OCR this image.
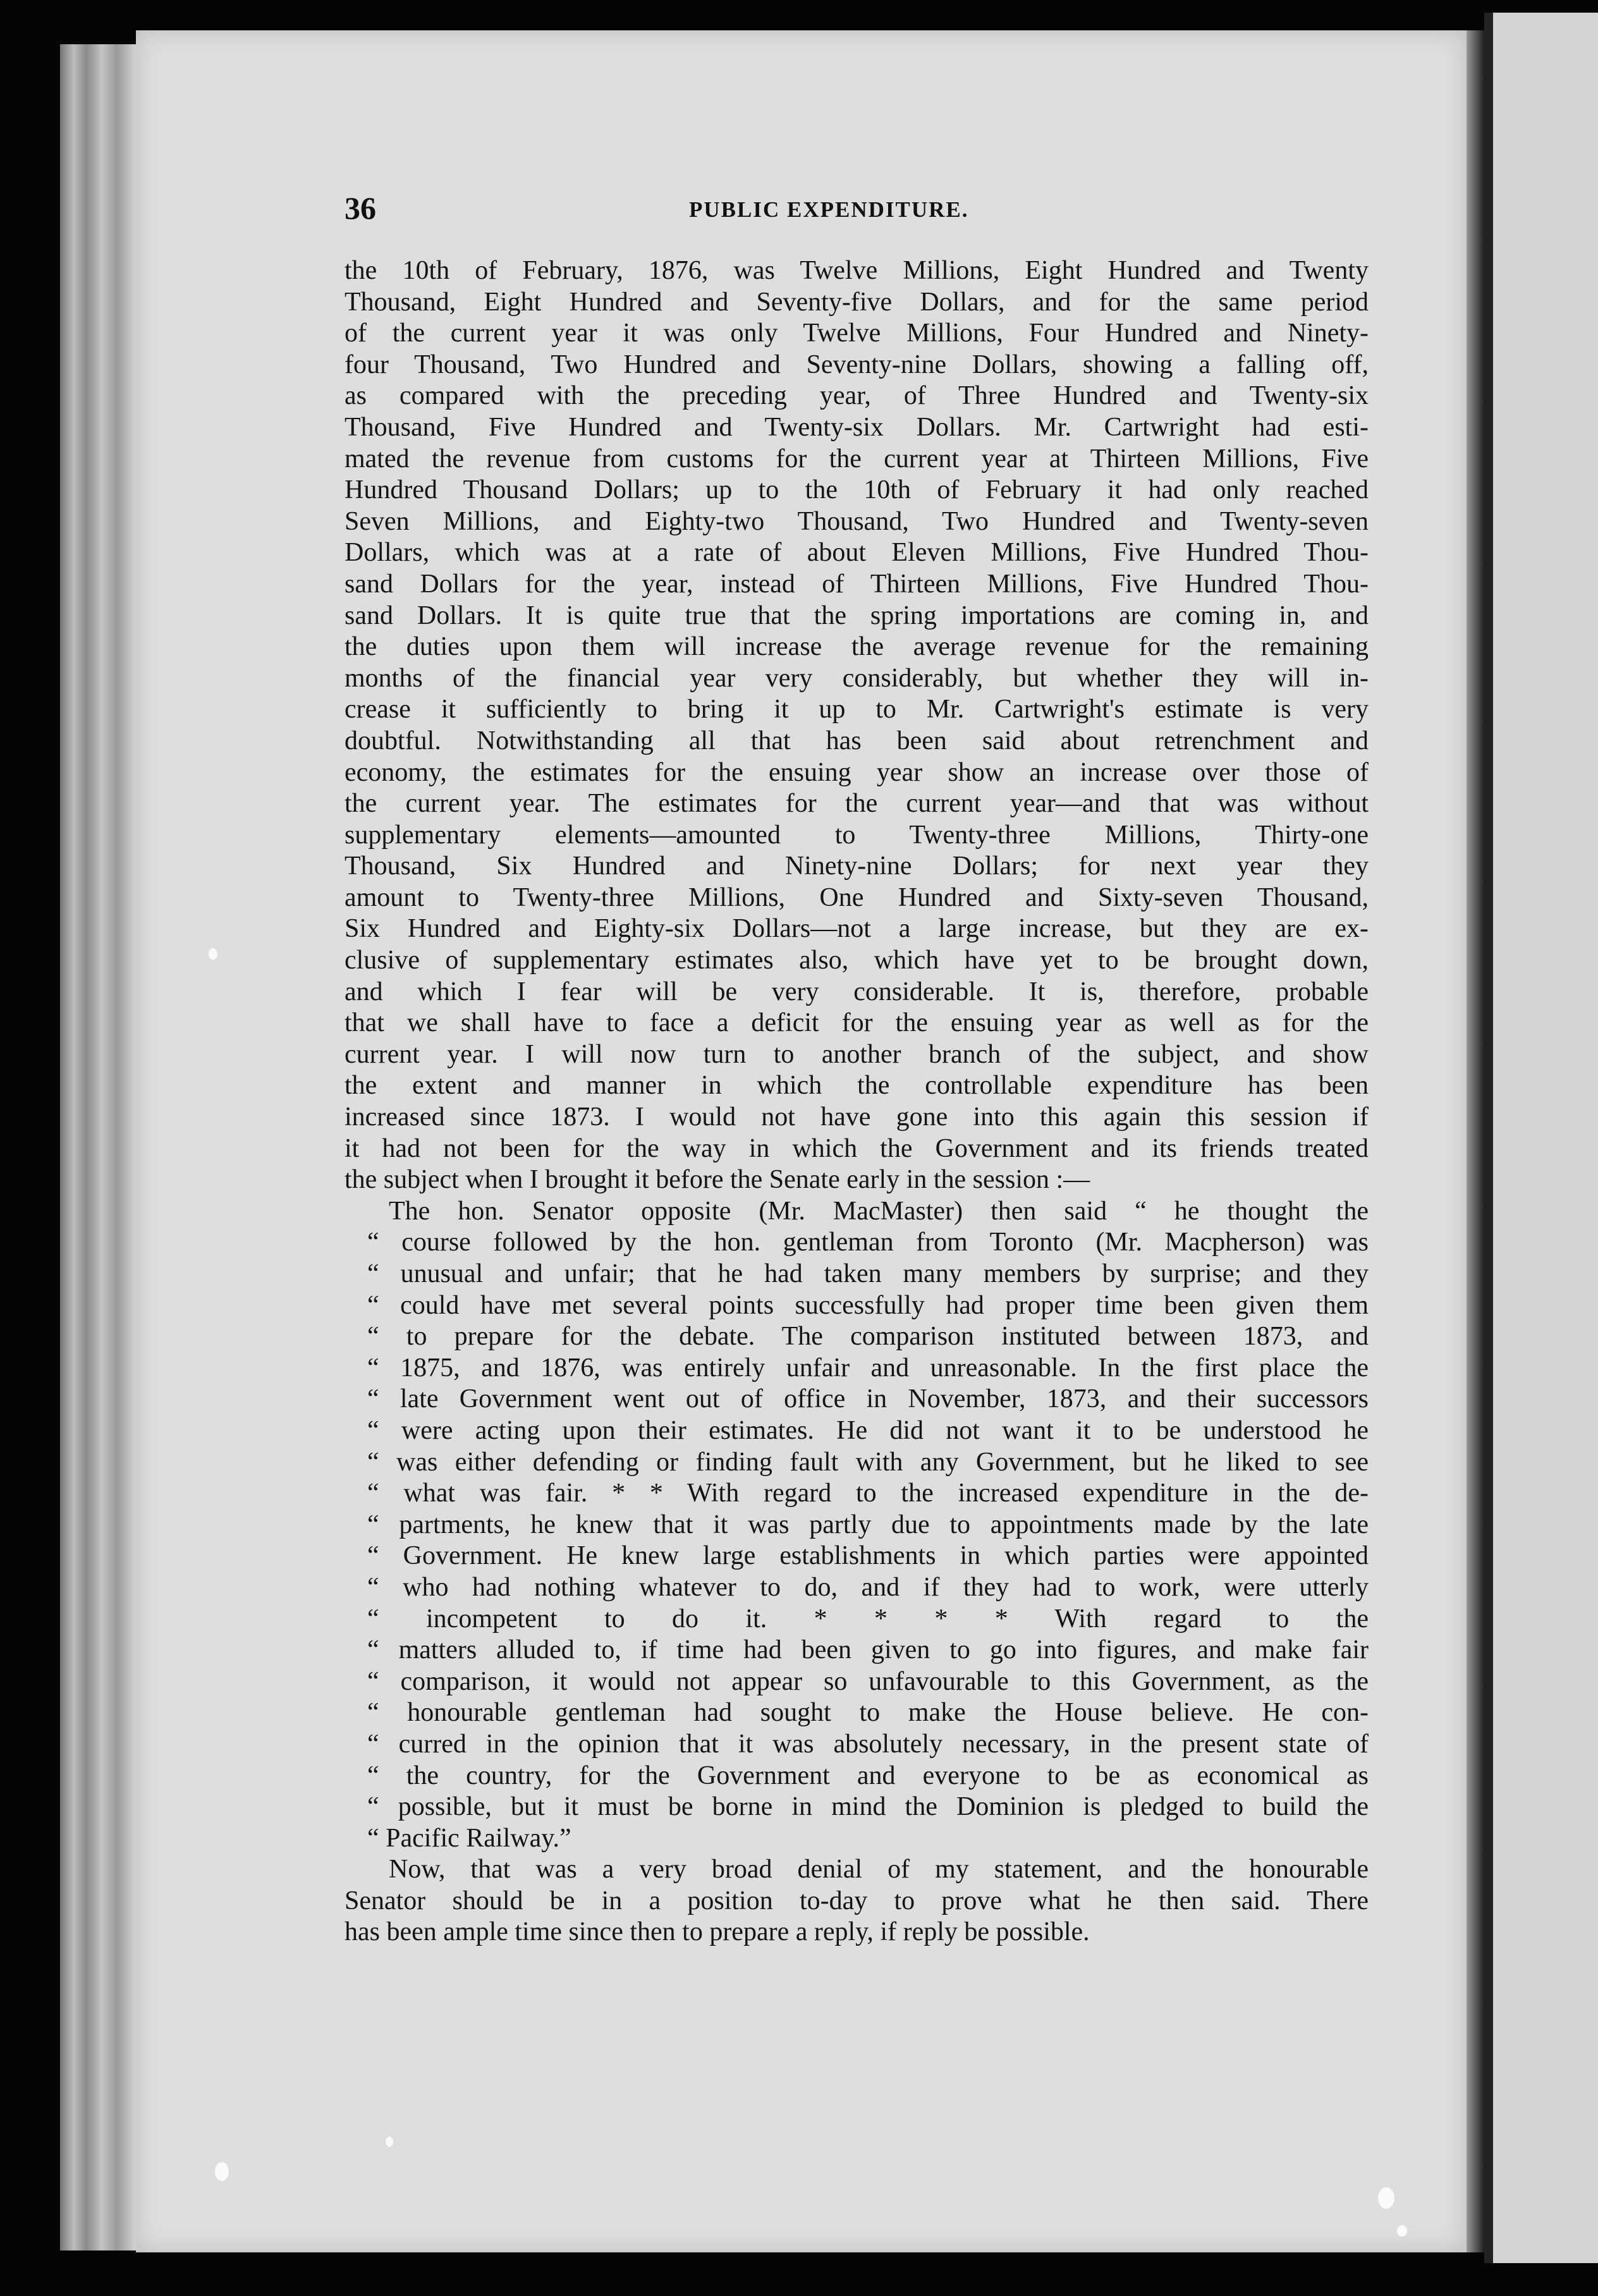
36	PUBLIC EXPENDITURE.
the 10th of February, 1876, was Twelve Millions, Eight Hundred and Twenty
Thousand, Eight Hundred and Seventy-five Dollars, and for the same period
of the current year it was only Twelve Millions, Four Hundred and Ninety-
four Thousand, Two Hundred and Seventy-nine Dollars, showing a falling off,
as compared with the preceding year, of Three Hundred and Twenty-six
Thousand, Five Hundred and Twenty-six Dollars. Mr. Cartwright had esti-
mated the revenue from customs for the current year at Thirteen Millions, Five
Hundred Thousand Dollars; up to the 10th of February it had only reached
Seven Millions, and Eighty-two Thousand, Two Hundred and Twenty-seven
Dollars, which was at a rate of about Eleven Millions, Five Hundred Thou-
sand Dollars for the year, instead of Thirteen Millions, Five Hundred Thou-
sand Dollars. It is quite true that the spring importations are coming in, and
the duties upon them will increase the average revenue for the remaining
months of the financial year very considerably, but whether they will in-
crease it sufficiently to bring it up to Mr. Cartwright's estimate is very
doubtful. Notwithstanding all that has been said about retrenchment and
economy, the estimates for the ensuing year show an increase over those of
the current year. The estimates for the current year—and that was without
supplementary elements—amounted to Twenty-three Millions, Thirty-one
Thousand, Six Hundred and Ninety-nine Dollars; for next year they
amount to Twenty-three Millions, One Hundred and Sixty-seven Thousand,
Six Hundred and Eighty-six Dollars—not a large increase, but they are ex-
clusive of supplementary estimates also, which have yet to be brought down,
and which I fear will be very considerable. It is, therefore, probable
that we shall have to face a deficit for the ensuing year as well as for the
current year. I will now turn to another branch of the subject, and show
the extent and manner in which the controllable expenditure has been
increased since 1873. I would not have gone into this again this session if
it had not been for the way in which the Government and its friends treated
the subject when I brought it before the Senate early in the session :—
The hon. Senator opposite (Mr. MacMaster) then said “ he thought the
“ course followed by the hon. gentleman from Toronto (Mr. Macpherson) was
“ unusual and unfair; that he had taken many members by surprise; and they
“ could have met several points successfully had proper time been given them
“ to prepare for the debate. The comparison instituted between 1873, and
“ 1875, and 1876, was entirely unfair and unreasonable. In the first place the
“ late Government went out of office in November, 1873, and their successors
“ were acting upon their estimates. He did not want it to be understood he
“ was either defending or finding fault with any Government, but he liked to see
“ what was fair. * * With regard to the increased expenditure in the de-
“ partments, he knew that it was partly due to appointments made by the late
“ Government. He knew large establishments in which parties were appointed
“ who had nothing whatever to do, and if they had to work, were utterly
“ incompetent to do it. * * * * With regard to the
“ matters alluded to, if time had been given to go into figures, and make fair
“ comparison, it would not appear so unfavourable to this Government, as the
“ honourable gentleman had sought to make the House believe. He con-
“ curred in the opinion that it was absolutely necessary, in the present state of
“ the country, for the Government and everyone to be as economical as
“ possible, but it must be borne in mind the Dominion is pledged to build the
“ Pacific Railway.”
Now, that was a very broad denial of my statement, and the honourable
Senator should be in a position to-day to prove what he then said. There
has been ample time since then to prepare a reply, if reply be possible.
